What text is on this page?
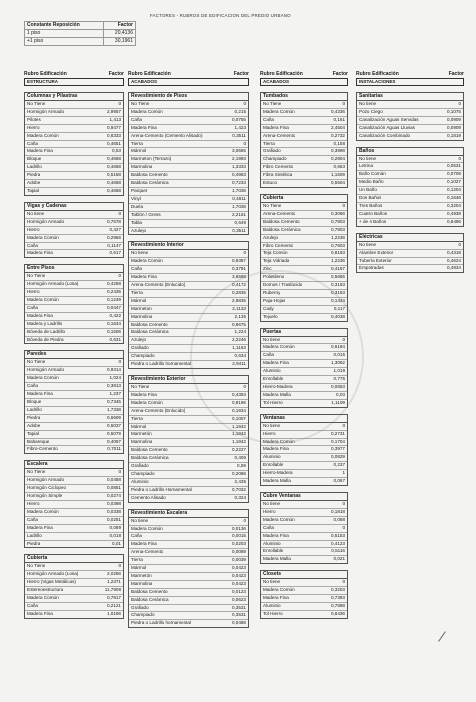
FACTORES - RUBROS DE EDIFICACION DEL PREDIO URBANO
Constante Reposición	Factor
1 piso	20,4136
+1 piso	30,1961
Rubro Edificación	Factor
ESTRUCTURA
Columnas y Pilastras
No Tiene	0
Hormigón Armado	2,9957
Pilotes	1,413
Hierro	0,9477
Madera Común	0,6333
Caña	0,4651
Madera Fina	0,53
Bloque	0,4668
Ladrillo	0,4668
Piedra	0,5158
Adobe	0,4668
Tapial	0,4668
Vigas y Cadenas
No tiene	0
Hormigón Armado	0,7678
Hierro	0,427
Madera Común	0,2956
Caña	0,1147
Madera Fina	0,617
Entre Pisos
No Tiene	0
Hormigón Armado (Losa)	0,4268
Hierro	0,2435
Madera Común	0,1249
Caña	0,0447
Madera Fina	0,422
Madera y Ladrillo	0,1634
Bóveda de Ladrillo	0,1506
Bóveda de Piedra	0,631
Paredes
No Tiene	0
Hormigón Armado	0,9314
Madera Común	1,024
Caña	0,3813
Madera Fina	1,237
Bloque	0,7345
Ladrillo	1,7338
Piedra	0,6609
Adobe	0,5037
Tapial	0,5079
Bahareque	0,4067
Fibro-Cemento	0,7011
Escalera
No Tiene	0
Hormigón Armado	0,0458
Hormigón Ciclopeo	0,0851
Hormigón Simple	0,0274
Hierro	0,0398
Madera Común	0,0338
Caña	0,0251
Madera Fina	0,089
Ladrillo	0,018
Piedra	0,01
Cubierta
No Tiene	0
Hormigón Armado (Losa)	2,0256
Hierro (Vigas Metálicas)	1,2371
Estereoestructura	11,7908
Madera Común	0,7817
Caña	0,2121
Madera Fina	1,0196
Rubro Edificación	Factor
ACABADOS
Revestimiento de Pisos
No Tiene	0
Madera Común	0,215
Caña	0,0755
Madera Fina	1,423
Arena-Cemento (Cemento Alisado)	0,3511
Tierra	0
Mármol	3,0665
Marmeton (Terrazo)	2,1993
Marmolina	1,3333
Baldosa Cemento	0,4963
Baldosa Cerámica	0,7233
Parquet	1,7036
Vinyl	0,4811
Duela	1,7036
Tablón / Gress	2,2161
Tabla	0,649
Azulejo	0,3511
Revestimiento Interior
No tiene	0
Madera Común	0,9387
Caña	0,3791
Madera Fina	3,6588
Arena-Cemento (Enlucido)	0,4172
Tierra	0,2835
Mármol	2,9835
Marmeton	2,1133
Marmolina	2,135
Baldosa Cemento	0,6675
Baldosa Cerámica	1,224
Azulejo	2,2246
Grafiado	1,1163
Champiado	0,634
Piedra o Ladrillo hornamental	2,9411
Revestimiento Exterior
No Tiene	0
Madera Fina	0,4353
Madera Común	0,8196
Arena-Cemento (Enlucido)	0,1934
Tierra	0,1007
Mármol	1,1842
Marmetón	1,1842
Marmolina	1,1842
Baldosa Cemento	0,2227
Baldosa Cerámica	0,406
Grafiado	0,59
Champiado	0,2086
Aluminio	2,435
Piedra o Ladrillo Hornamental	0,7032
Cemento Alisado	0,324
Revestimiento Escalera
No tiene	0
Madera Común	0,0136
Caña	0,0015
Madera Fina	0,0203
Arena-Cemento	0,0089
Tierra	0,0039
Mármol	0,0423
Marmetón	0,0423
Marmolina	0,0423
Baldosa Cemento	0,0123
Baldosa Cerámica	0,0623
Grafiado	0,3531
Champiado	0,3531
Piedra o Ladrillo hornamental	0,0488
Rubro Edificación	Factor
ACABADOS
Tumbados
No Tiene	0
Madera Común	0,4336
Caña	0,161
Madera Fina	2,4504
Arena-Cemento	0,2732
Tierra	0,158
Grafiado	0,3998
Champiado	0,2904
Fibro Cemento	0,663
Fibra Sintética	1,1509
Estuco	0,5504
Cubierta
No Tiene	0
Arena-Cemento	0,3066
Baldosa Cemento	0,7803
Baldosa Cerámica	0,7803
Azulejo	1,2236
Fibro Cemento	0,7603
Teja Común	0,8163
Teja Vidriada	1,2236
Zinc	0,4167
Polietileno	0,5655
Domos / Traslúcido	0,3163
Ruberoy	0,3163
Paja-Hojas	0,1434
Cady	0,117
Tejuelo	0,4038
Puertas
No tiene	0
Madera Común	0,6184
Caña	0,015
Madera Fina	1,3062
Aluminio	1,019
Enrollable	0,775
Hierro-Madera	0,0653
Madera Malla	0,03
Tol Hierro	1,1109
Ventanas
No tiene	0
Hierro	0,2731
Madera Común	0,1704
Madera Fina	0,3977
Aluminio	0,0829
Enrollable	0,237
Hierro-Madera	1
Madera Malla	0,067
Cubre Ventanas
No tiene	0
Hierro	0,1818
Madera Común	0,088
Caña	0
Madera Fina	0,5153
Aluminio	0,4123
Enrollable	0,5116
Madera Malla	0,021
Closets
No tiene	0
Madera Común	0,3203
Madera Fina	0,7393
Aluminio	0,7688
Tol Hierro	0,6436
Rubro Edificación	Factor
INSTALACIONES
Sanitarias
No tiene	0
Pozo Ciego	0,1075
Canalización Aguas Servidas	0,0909
Canalización Aguas Lluvias	0,0909
Canalización Combinado	0,1819
Baños
No tiene	0
Letrina	0,0531
Baño Común	0,0708
Medio Baño	0,1027
Un Baño	0,1204
Dos Baños	0,1646
Tres Baños	0,3204
Cuatro Baños	0,4938
+ de 4 Baños	0,6496
Eléctricas
No tiene	0
Alambre Exterior	0,4318
Tubería Exterior	0,4624
Empotradas	0,4834
